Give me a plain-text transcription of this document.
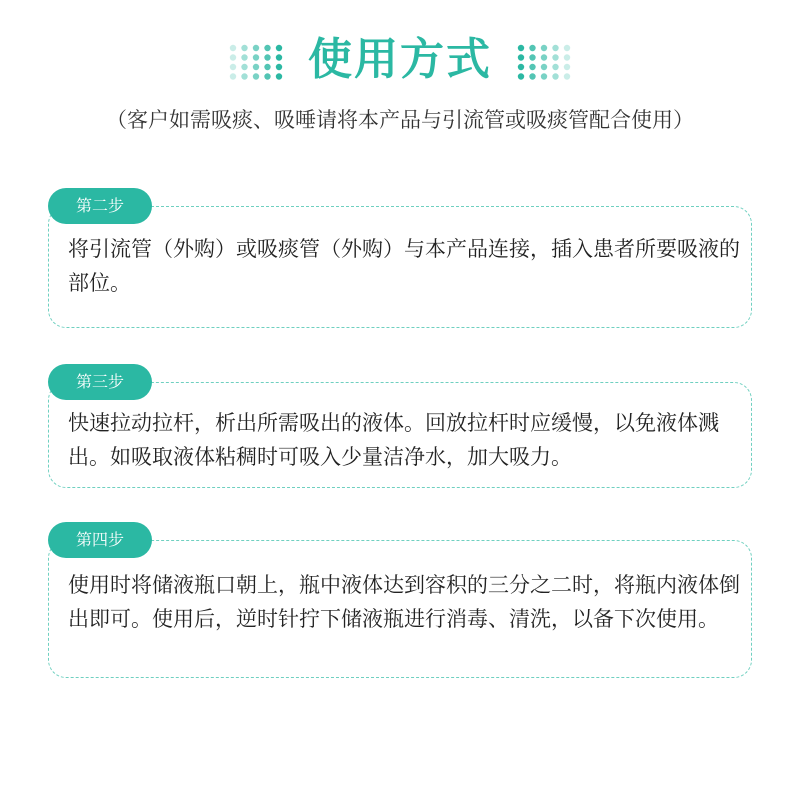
使用方式
（客户如需吸痰、吸唾请将本产品与引流管或吸痰管配合使用）
第二步
将引流管（外购）或吸痰管（外购）与本产品连接，插入患者所要吸液的部位。
第三步
快速拉动拉杆，析出所需吸出的液体。回放拉杆时应缓慢，以免液体溅出。如吸取液体粘稠时可吸入少量洁净水，加大吸力。
第四步
使用时将储液瓶口朝上，瓶中液体达到容积的三分之二时，将瓶内液体倒出即可。使用后，逆时针拧下储液瓶进行消毒、清洗，以备下次使用。
